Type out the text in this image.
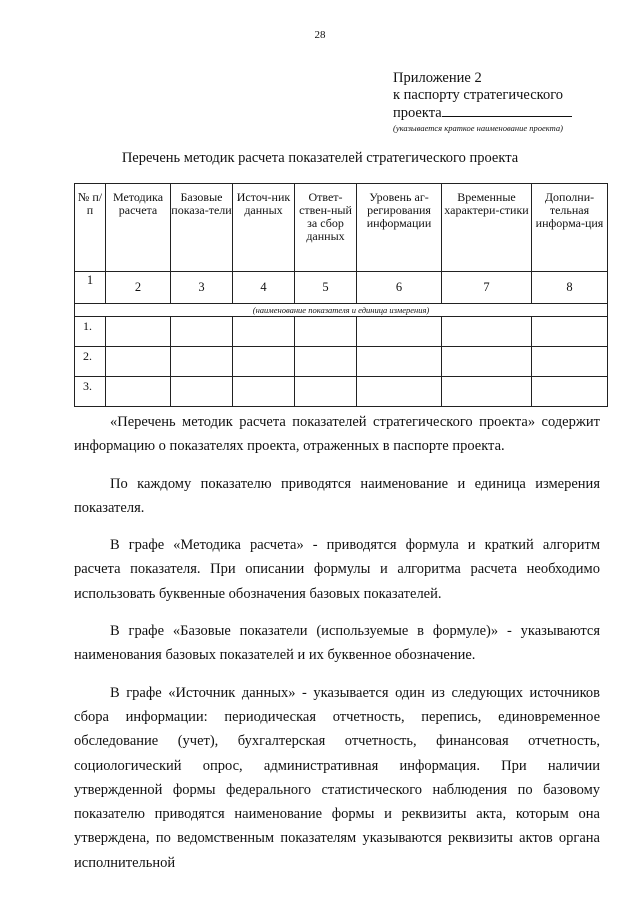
28
Приложение 2
к паспорту стратегического
проекта
(указывается краткое наименование проекта)
Перечень методик расчета показателей стратегического проекта
№ п/п	Методика расчета	Базовые показа-тели	Источ-ник данных	Ответ-ствен-ный за сбор данных	Уровень аг-регирования информации	Временные характери-стики	Дополни-тельная информа-ция
1	2	3	4	5	6	7	8
(наименование показателя и единица измерения)							
1.							
2.							
3.							

«Перечень методик расчета показателей стратегического проекта» содержит информацию о показателях проекта, отраженных в паспорте проекта.

По каждому показателю приводятся наименование и единица измерения показателя.

В графе «Методика расчета» - приводятся формула и краткий алгоритм расчета показателя. При описании формулы и алгоритма расчета необходимо использовать буквенные обозначения базовых показателей.

В графе «Базовые показатели (используемые в формуле)» - указываются наименования базовых показателей и их буквенное обозначение.

В графе «Источник данных» - указывается один из следующих источников сбора информации: периодическая отчетность, перепись, единовременное обследование (учет), бухгалтерская отчетность, финансовая отчетность, социологический опрос, административная информация. При наличии утвержденной формы федерального статистического наблюдения по базовому показателю приводятся наименование формы и реквизиты акта, которым она утверждена, по ведомственным показателям указываются реквизиты актов органа исполнительной
